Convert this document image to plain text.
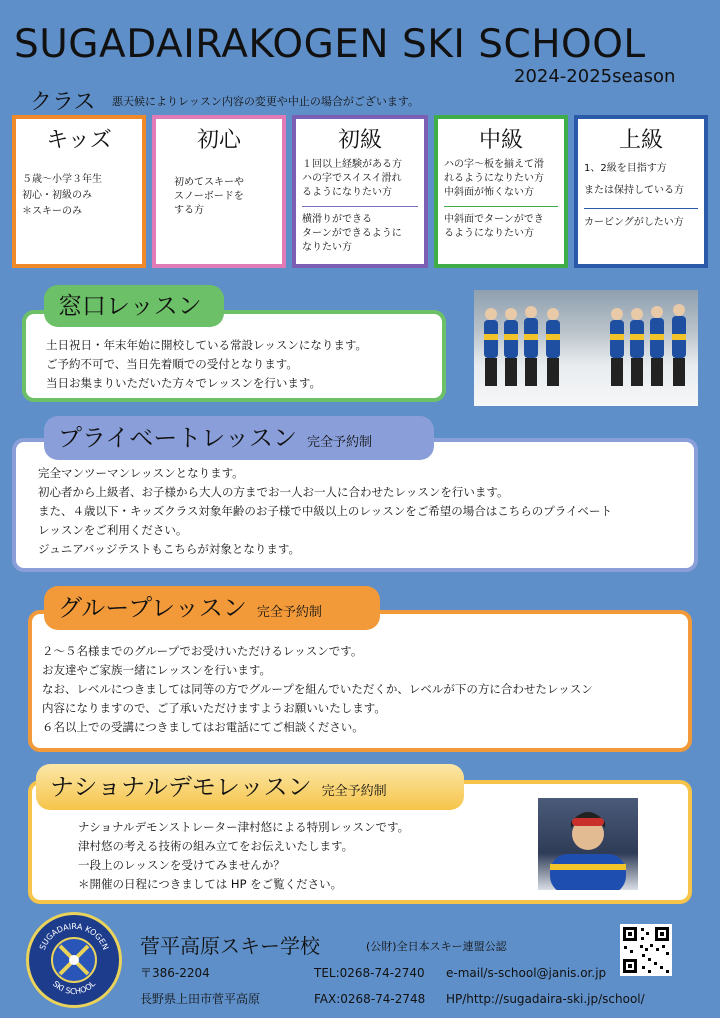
SUGADAIRAKOGEN SKI SCHOOL
2024-2025season
クラス 悪天候によりレッスン内容の変更や中止の場合がございます。
キッズ
５歳〜小学３年生
初心・初級のみ
＊スキーのみ
初心
初めてスキーや
スノーボードを
する方
初級
１回以上経験がある方
ハの字でスイスイ滑れ
るようになりたい方
横滑りができる
ターンができるように
なりたい方
中級
ハの字〜板を揃えて滑
れるようになりたい方
中斜面が怖くない方
中斜面でターンができ
るようになりたい方
上級
1、2級を目指す方
または保持している方
カービングがしたい方
土日祝日・年末年始に開校している常設レッスンになります。
ご予約不可で、当日先着順での受付となります。
当日お集まりいただいた方々でレッスンを行います。
窓口レッスン
完全マンツーマンレッスンとなります。
初心者から上級者、お子様から大人の方までお一人お一人に合わせたレッスンを行います。
また、４歳以下・キッズクラス対象年齢のお子様で中級以上のレッスンをご希望の場合はこちらのプライベート
レッスンをご利用ください。
ジュニアバッジテストもこちらが対象となります。
プライベートレッスン 完全予約制
２〜５名様までのグループでお受けいただけるレッスンです。
お友達やご家族一緒にレッスンを行います。
なお、レベルにつきましては同等の方でグループを組んでいただくか、レベルが下の方に合わせたレッスン
内容になりますので、ご了承いただけますようお願いいたします。
６名以上での受講につきましてはお電話にてご相談ください。
グループレッスン 完全予約制
ナショナルデモンストレーター津村悠による特別レッスンです。
津村悠の考える技術の組み立てをお伝えいたします。
一段上のレッスンを受けてみませんか？
＊開催の日程につきましては HP をご覧ください。
ナショナルデモレッスン 完全予約制
SUGADAIRA KOGEN
SKI SCHOOL
菅平高原スキー学校	(公財)全日本スキー連盟公認
〒386-2204
長野県上田市菅平高原
TEL:0268-74-2740 e-mail/s-school@janis.or.jp
FAX:0268-74-2748 HP/http://sugadaira-ski.jp/school/
